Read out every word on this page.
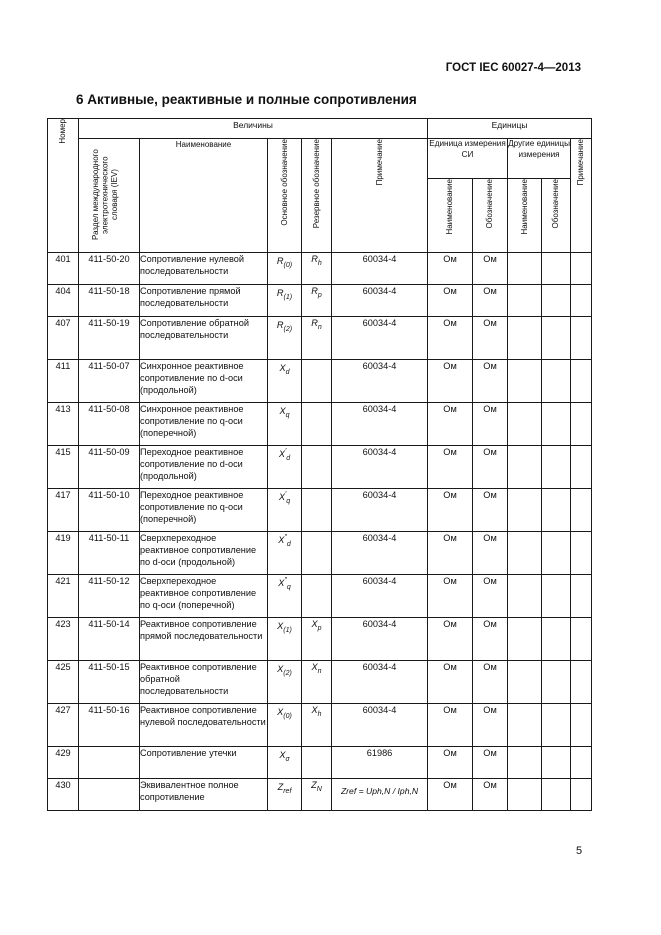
ГОСТ IEC 60027-4—2013
6 Активные, реактивные и полные сопротивления
Номер	Величины					Единицы				

	Раздел международного электротехнического словаря (IEV)	Наименование	Основное обозначение	Резервное обозначение	Примечание	Единица измерения СИ		Другие единицы измерения		Примечание

						Наименование	Обозначение	Наименование	Обозначение	

401	411-50-20	Сопротивление нулевой последовательности	$R_{(0)}$	$R_h$	60034-4	Ом	Ом			
404	411-50-18	Сопротивление прямой последовательности	$R_{(1)}$	$R_p$	60034-4	Ом	Ом			
407	411-50-19	Сопротивление обратной последовательности	$R_{(2)}$	$R_n$	60034-4	Ом	Ом			
411	411-50-07	Синхронное реактивное сопротивление по d-оси (продольной)	$X_d$		60034-4	Ом	Ом			
413	411-50-08	Синхронное реактивное сопротивление по q-оси (поперечной)	$X_q$		60034-4	Ом	Ом			
415	411-50-09	Переходное реактивное сопротивление по d-оси (продольной)	$X'_d$		60034-4	Ом	Ом			
417	411-50-10	Переходное реактивное сопротивление по q-оси (поперечной)	$X'_q$		60034-4	Ом	Ом			
419	411-50-11	Сверхпереходное реактивное сопротивление по d-оси (продольной)	$X''_d$		60034-4	Ом	Ом			
421	411-50-12	Сверхпереходное реактивное сопротивление по q-оси (поперечной)	$X''_q$		60034-4	Ом	Ом			
423	411-50-14	Реактивное сопротивление прямой последовательности	$X_{(1)}$	$X_p$	60034-4	Ом	Ом			
425	411-50-15	Реактивное сопротивление обратной последовательности	$X_{(2)}$	$X_n$	60034-4	Ом	Ом			
427	411-50-16	Реактивное сопротивление нулевой последовательности	$X_{(0)}$	$X_h$	60034-4	Ом	Ом			
429		Сопротивление утечки	$X_\sigma$		61986	Ом	Ом			
430		Эквивалентное полное сопротивление	$Z_{ref}$	$Z_N$	Zref = Uph,N / Iph,N	Ом	Ом			
5
